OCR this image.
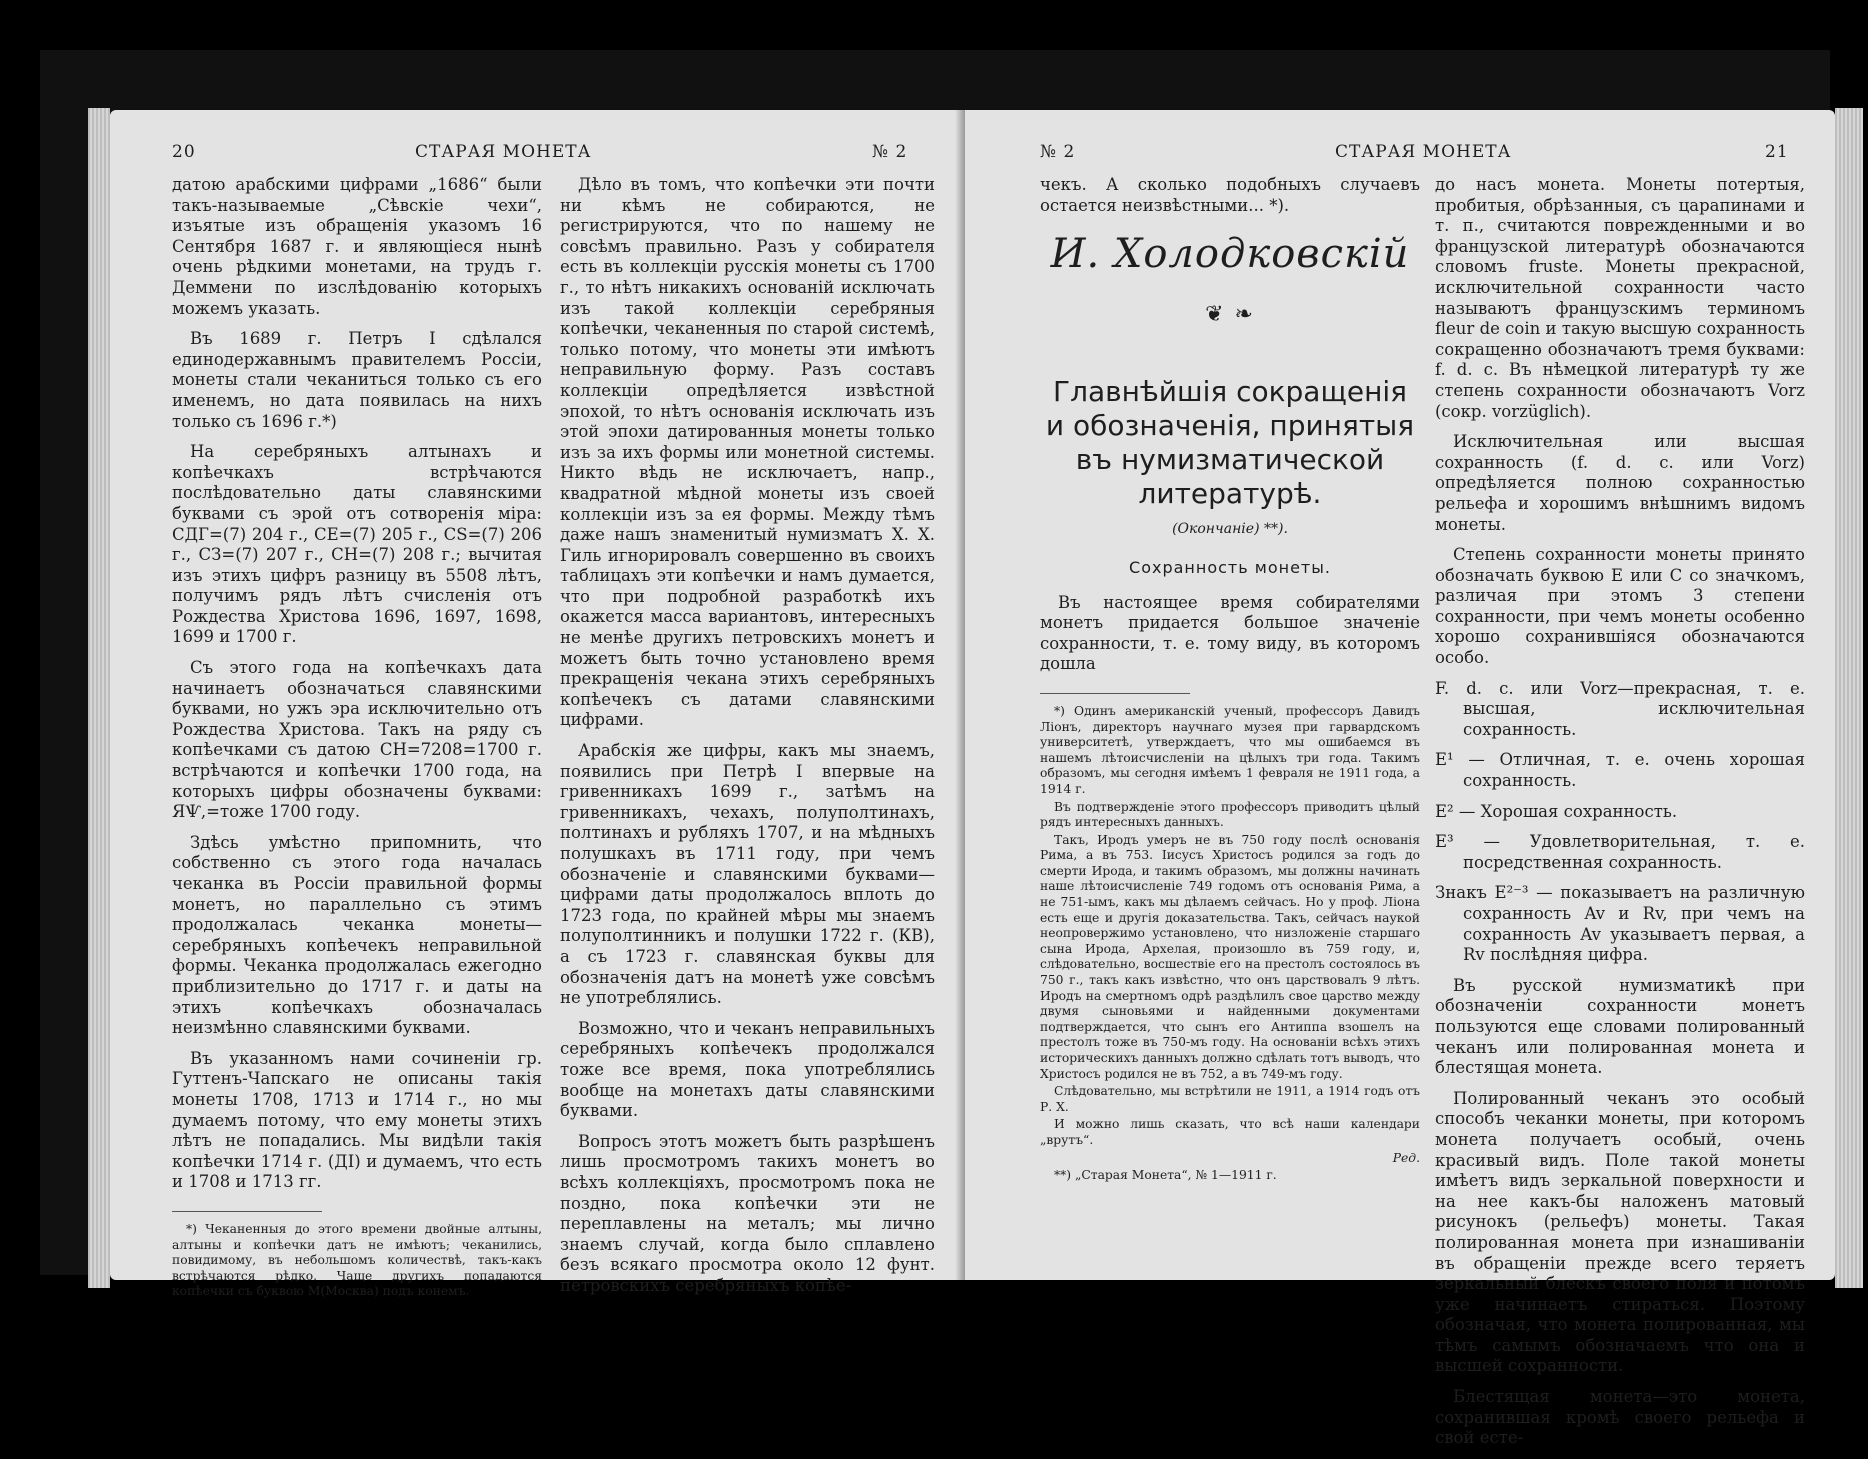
20	СТАРАЯ МОНЕТА	№ 2

датою арабскими цифрами „1686“ были такъ-называемые „Сѣвскіе чехи“, изъятые изъ обращенія указомъ 16 Сентября 1687 г. и являющіеся нынѣ очень рѣдкими монетами, на трудъ г. Деммени по изслѣдованію которыхъ можемъ указать.

Въ 1689 г. Петръ I сдѣлался единодержавнымъ правителемъ Россіи, монеты стали чеканиться только съ его именемъ, но дата появилась на нихъ только съ 1696 г.*)

На серебряныхъ алтынахъ и копѣечкахъ встрѣчаются послѣдовательно даты славянскими буквами съ эрой отъ сотворенія міра: СДГ=(7) 204 г., СЕ=(7) 205 г., CS=(7) 206 г., СЗ=(7) 207 г., СН=(7) 208 г.; вычитая изъ этихъ цифръ разницу въ 5508 лѣтъ, получимъ рядъ лѣтъ счисленія отъ Рождества Христова 1696, 1697, 1698, 1699 и 1700 г.

Съ этого года на копѣечкахъ дата начинаетъ обозначаться славянскими буквами, но ужъ эра исключительно отъ Рождества Христова. Такъ на ряду съ копѣечками съ датою СН=7208=1700 г. встрѣчаются и копѣечки 1700 года, на которыхъ цифры обозначены буквами: ЯѰ,=тоже 1700 году.

Здѣсь умѣстно припомнить, что собственно съ этого года началась чеканка въ Россіи правильной формы монетъ, но параллельно съ этимъ продолжалась чеканка монеты—серебряныхъ копѣечекъ неправильной формы. Чеканка продолжалась ежегодно приблизительно до 1717 г. и даты на этихъ копѣечкахъ обозначалась неизмѣнно славянскими буквами.

Въ указанномъ нами сочиненіи гр. Гуттенъ-Чапскаго не описаны такія монеты 1708, 1713 и 1714 г., но мы думаемъ потому, что ему монеты этихъ лѣтъ не попадались. Мы видѣли такія копѣечки 1714 г. (ДІ) и думаемъ, что есть и 1708 и 1713 гг.

*) Чеканенныя до этого времени двойные алтыны, алтыны и копѣечки датъ не имѣютъ; чеканились, повидимому, въ небольшомъ количествѣ, такъ-какъ встрѣчаются рѣдко. Чаще другихъ попадаются копѣечки съ буквою М(Москва) подъ конемъ.

Дѣло въ томъ, что копѣечки эти почти ни кѣмъ не собираются, не регистрируются, что по нашему не совсѣмъ правильно. Разъ у собирателя есть въ коллекціи русскія монеты съ 1700 г., то нѣтъ никакихъ основаній исключать изъ такой коллекціи серебряныя копѣечки, чеканенныя по старой системѣ, только потому, что монеты эти имѣютъ неправильную форму. Разъ составъ коллекціи опредѣляется извѣстной эпохой, то нѣтъ основанія исключать изъ этой эпохи датированныя монеты только изъ за ихъ формы или монетной системы. Никто вѣдь не исключаетъ, напр., квадратной мѣдной монеты изъ своей коллекціи изъ за ея формы. Между тѣмъ даже нашъ знаменитый нумизматъ Х. Х. Гиль игнорировалъ совершенно въ своихъ таблицахъ эти копѣечки и намъ думается, что при подробной разработкѣ ихъ окажется масса вариантовъ, интересныхъ не менѣе другихъ петровскихъ монетъ и можетъ быть точно установлено время прекращенія чекана этихъ серебряныхъ копѣечекъ съ датами славянскими цифрами.

Арабскія же цифры, какъ мы знаемъ, появились при Петрѣ I впервые на гривенникахъ 1699 г., затѣмъ на гривенникахъ, чехахъ, полуполтинахъ, полтинахъ и рубляхъ 1707, и на мѣдныхъ полушкахъ въ 1711 году, при чемъ обозначеніе и славянскими буквами—цифрами даты продолжалось вплоть до 1723 года, по крайней мѣры мы знаемъ полуполтинникъ и полушки 1722 г. (КВ), а съ 1723 г. славянская буквы для обозначенія датъ на монетѣ уже совсѣмъ не употреблялись.

Возможно, что и чеканъ неправильныхъ серебряныхъ копѣечекъ продолжался тоже все время, пока употреблялись вообще на монетахъ даты славянскими буквами.

Вопросъ этотъ можетъ быть разрѣшенъ лишь просмотромъ такихъ монетъ во всѣхъ коллекціяхъ, просмотромъ пока не поздно, пока копѣечки эти не переплавлены на металъ; мы лично знаемъ случай, когда было сплавлено безъ всякаго просмотра около 12 фунт. петровскихъ серебряныхъ копѣе-

№ 2	СТАРАЯ МОНЕТА	21

чекъ. А сколько подобныхъ случаевъ остается неизвѣстными... *).

И. Холодковскій
❦ ❧
Главнѣйшія сокращенія и обозначенія, принятыя въ нумизматической литературѣ.
(Окончаніе) **).
Сохранность монеты.

Въ настоящее время собирателями монетъ придается большое значеніе сохранности, т. е. тому виду, въ которомъ дошла

*) Одинъ американскій ученый, профессоръ Давидъ Ліонъ, директоръ научнаго музея при гарвардскомъ университетѣ, утверждаетъ, что мы ошибаемся въ нашемъ лѣтоисчисленіи на цѣлыхъ три года. Такимъ образомъ, мы сегодня имѣемъ 1 февраля не 1911 года, а 1914 г.

Въ подтвержденіе этого профессоръ приводитъ цѣлый рядъ интересныхъ данныхъ.

Такъ, Иродъ умеръ не въ 750 году послѣ основанія Рима, а въ 753. Іисусъ Христосъ родился за годъ до смерти Ирода, и такимъ образомъ, мы должны начинать наше лѣтоисчисленіе 749 годомъ отъ основанія Рима, а не 751-ымъ, какъ мы дѣлаемъ сейчасъ. Но у проф. Ліона есть еще и другія доказательства. Такъ, сейчасъ наукой неопровержимо установлено, что низложеніе старшаго сына Ирода, Архелая, произошло въ 759 году, и, слѣдовательно, восшествіе его на престолъ состоялось въ 750 г., такъ какъ извѣстно, что онъ царствовалъ 9 лѣтъ. Иродъ на смертномъ одрѣ раздѣлилъ свое царство между двумя сыновьями и найденными документами подтверждается, что сынъ его Антиппа взошелъ на престолъ тоже въ 750-мъ году. На основаніи всѣхъ этихъ историческихъ данныхъ должно сдѣлать тотъ выводъ, что Христосъ родился не въ 752, а въ 749-мъ году.

Слѣдовательно, мы встрѣтили не 1911, а 1914 годъ отъ Р. Х.

И можно лишь сказать, что всѣ наши календари „врутъ“.

Ред.

**) „Старая Монета“, № 1—1911 г.

до насъ монета. Монеты потертыя, пробитыя, обрѣзанныя, съ царапинами и т. п., считаются поврежденными и во французской литературѣ обозначаются словомъ fruste. Монеты прекрасной, исключительной сохранности часто называютъ французскимъ терминомъ fleur de coin и такую высшую сохранность сокращенно обозначаютъ тремя буквами: f. d. c. Въ нѣмецкой литературѣ ту же степень сохранности обозначаютъ Vorz (сокр. vorzüglich).

Исключительная или высшая сохранность (f. d. c. или Vorz) опредѣляется полною сохранностью рельефа и хорошимъ внѣшнимъ видомъ монеты.

Степень сохранности монеты принято обозначать буквою Е или С со значкомъ, различая при этомъ 3 степени сохранности, при чемъ монеты особенно хорошо сохранившіяся обозначаются особо.

F. d. c. или Vorz—прекрасная, т. е. высшая, исключительная сохранность.

Е¹ — Отличная, т. е. очень хорошая сохранность.

Е² — Хорошая сохранность.

Е³ — Удовлетворительная, т. е. посредственная сохранность.

Знакъ Е²⁻³ — показываетъ на различную сохранность Av и Rv, при чемъ на сохранность Av указываетъ первая, а Rv послѣдняя цифра.

Въ русской нумизматикѣ при обозначеніи сохранности монетъ пользуются еще словами полированный чеканъ или полированная монета и блестящая монета.

Полированный чеканъ это особый способъ чеканки монеты, при которомъ монета получаетъ особый, очень красивый видъ. Поле такой монеты имѣетъ видъ зеркальной поверхности и на нее какъ-бы наложенъ матовый рисунокъ (рельефъ) монеты. Такая полированная монета при изнашиваніи въ обращеніи прежде всего теряетъ зеркальный блескъ своего поля и потомъ уже начинаетъ стираться. Поэтому обозначая, что монета полированная, мы тѣмъ самымъ обозначаемъ что она и высшей сохранности.

Блестящая монета—это монета, сохранившая кромѣ своего рельефа и свой есте-
